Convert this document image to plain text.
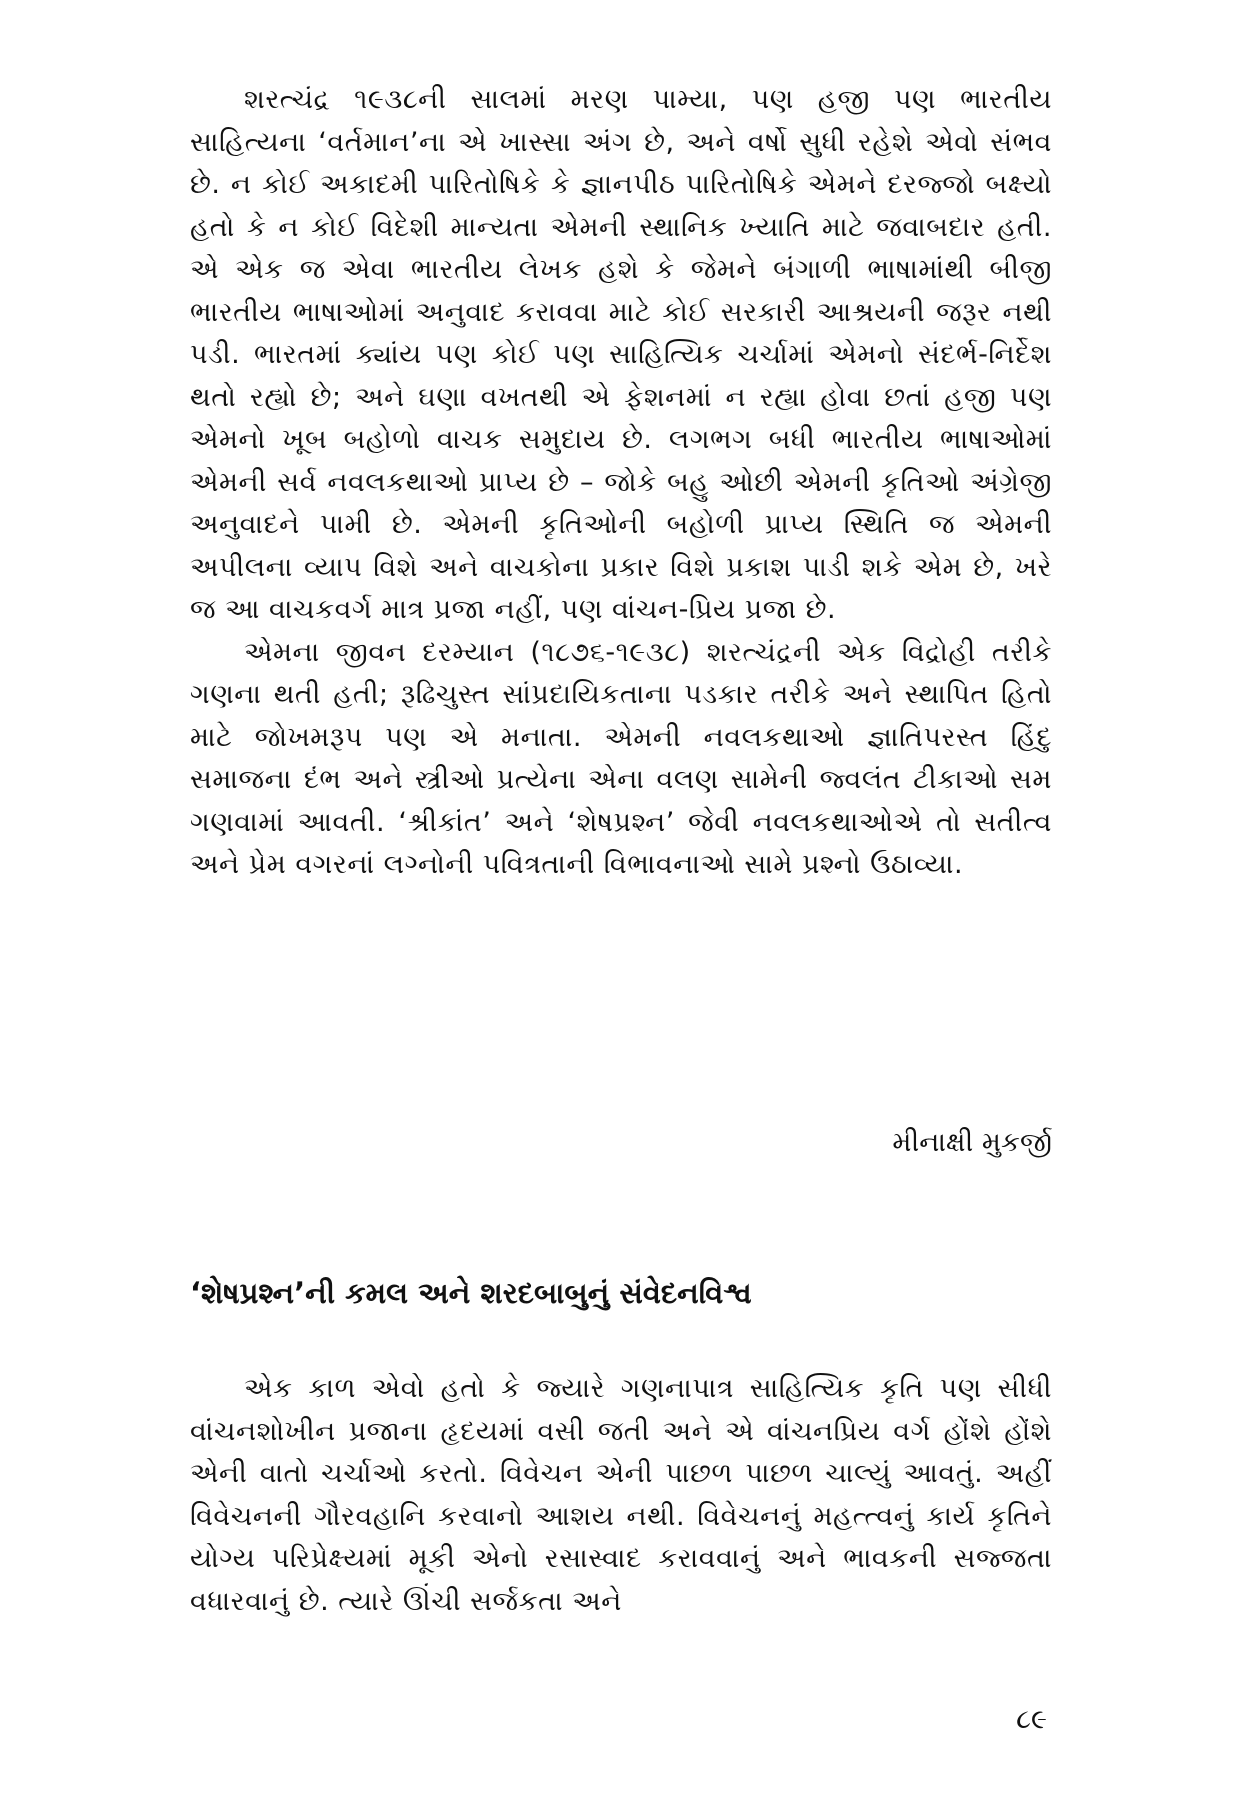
શરત્ચંદ્ર ૧૯૩૮ની સાલમાં મરણ પામ્યા, પણ હજી પણ ભારતીય સાહિત્યના ‘વર્તમાન’ના એ ખાસ્સા અંગ છે, અને વર્ષો સુધી રહેશે એવો સંભવ છે. ન કોઈ અકાદમી પારિતોષિકે કે જ્ઞાનપીઠ પારિતોષિકે એમને દરજ્જો બક્ષ્યો હતો કે ન કોઈ વિદેશી માન્યતા એમની સ્થાનિક ખ્યાતિ માટે જવાબદાર હતી. એ એક જ એવા ભારતીય લેખક હશે કે જેમને બંગાળી ભાષામાંથી બીજી ભારતીય ભાષાઓમાં અનુવાદ કરાવવા માટે કોઈ સરકારી આશ્રયની જરૂર નથી પડી. ભારતમાં ક્યાંય પણ કોઈ પણ સાહિત્યિક ચર્ચામાં એમનો સંદર્ભ-નિર્દેશ થતો રહ્યો છે; અને ઘણા વખતથી એ ફેશનમાં ન રહ્યા હોવા છતાં હજી પણ એમનો ખૂબ બહોળો વાચક સમુદાય છે. લગભગ બધી ભારતીય ભાષાઓમાં એમની સર્વ નવલકથાઓ પ્રાપ્ય છે – જોકે બહુ ઓછી એમની કૃતિઓ અંગ્રેજી અનુવાદને પામી છે. એમની કૃતિઓની બહોળી પ્રાપ્ય સ્થિતિ જ એમની અપીલના વ્યાપ વિશે અને વાચકોના પ્રકાર વિશે પ્રકાશ પાડી શકે એમ છે, ખરે જ આ વાચકવર્ગ માત્ર પ્રજા નહીં, પણ વાંચન-પ્રિય પ્રજા છે.

એમના જીવન દરમ્યાન (૧૮૭૬-૧૯૩૮) શરત્ચંદ્રની એક વિદ્રોહી તરીકે ગણના થતી હતી; રૂઢિચુસ્ત સાંપ્રદાયિકતાના પડકાર તરીકે અને સ્થાપિત હિતો માટે જોખમરૂપ પણ એ મનાતા. એમની નવલકથાઓ જ્ઞાતિપરસ્ત હિંદુ સમાજના દંભ અને સ્ત્રીઓ પ્રત્યેના એના વલણ સામેની જ્વલંત ટીકાઓ સમ ગણવામાં આવતી. ‘શ્રીકાંત’ અને ‘શેષપ્રશ્ન’ જેવી નવલકથાઓએ તો સતીત્વ અને પ્રેમ વગરનાં લગ્નોની પવિત્રતાની વિભાવનાઓ સામે પ્રશ્નો ઉઠાવ્યા.

મીનાક્ષી મુકર્જી
‘શેષપ્રશ્ન’ની કમલ અને શરદબાબુનું સંવેદનવિશ્વ

એક કાળ એવો હતો કે જ્યારે ગણનાપાત્ર સાહિત્યિક કૃતિ પણ સીધી વાંચનશોખીન પ્રજાના હૃદયમાં વસી જતી અને એ વાંચનપ્રિય વર્ગ હોંશે હોંશે એની વાતો ચર્ચાઓ કરતો. વિવેચન એની પાછળ પાછળ ચાલ્યું આવતું. અહીં વિવેચનની ગૌરવહાનિ કરવાનો આશય નથી. વિવેચનનું મહત્ત્વનું કાર્ય કૃતિને યોગ્ય પરિપ્રેક્ષ્યમાં મૂકી એનો રસાસ્વાદ કરાવવાનું અને ભાવકની સજ્જતા વધારવાનું છે. ત્યારે ઊંચી સર્જકતા અને

૮૯
